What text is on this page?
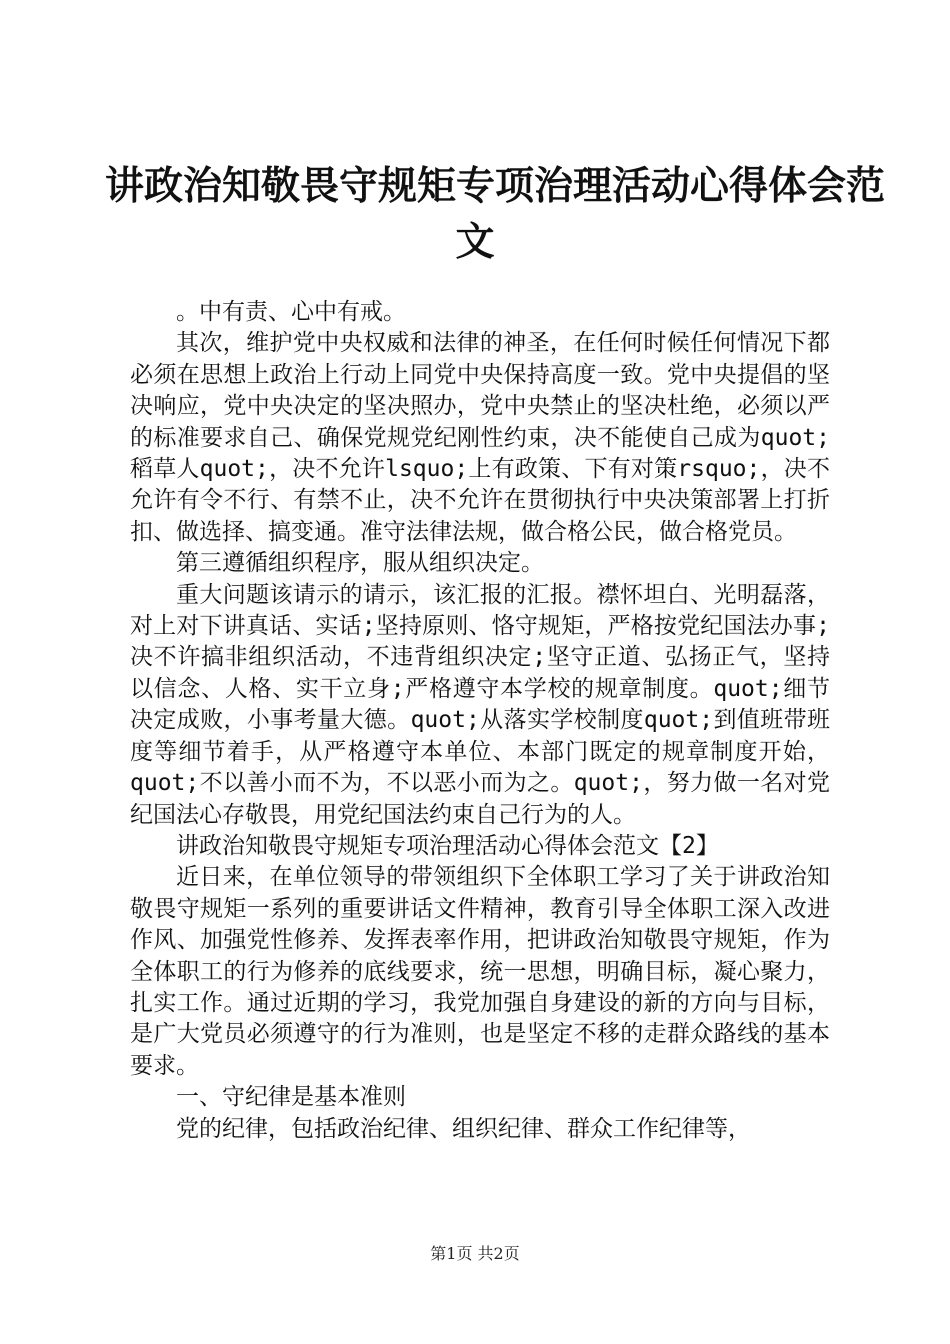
讲政治知敬畏守规矩专项治理活动心得体会范
文

。中有责、心中有戒。

其次，维护党中央权威和法律的神圣，在任何时候任何情况下都必须在思想上政治上行动上同党中央保持高度一致。党中央提倡的坚决响应，党中央决定的坚决照办，党中央禁止的坚决杜绝，必须以严的标准要求自己、确保党规党纪刚性约束，决不能使自己成为quot;稻草人quot;，决不允许lsquo;上有政策、下有对策rsquo;，决不允许有令不行、有禁不止，决不允许在贯彻执行中央决策部署上打折扣、做选择、搞变通。准守法律法规，做合格公民，做合格党员。

第三遵循组织程序，服从组织决定。

重大问题该请示的请示，该汇报的汇报。襟怀坦白、光明磊落，对上对下讲真话、实话;坚持原则、恪守规矩，严格按党纪国法办事;决不许搞非组织活动，不违背组织决定;坚守正道、弘扬正气，坚持以信念、人格、实干立身;严格遵守本学校的规章制度。quot;细节决定成败，小事考量大德。quot;从落实学校制度quot;到值班带班度等细节着手，从严格遵守本单位、本部门既定的规章制度开始，quot;不以善小而不为，不以恶小而为之。quot;，努力做一名对党纪国法心存敬畏，用党纪国法约束自己行为的人。

讲政治知敬畏守规矩专项治理活动心得体会范文【2】

近日来，在单位领导的带领组织下全体职工学习了关于讲政治知敬畏守规矩一系列的重要讲话文件精神，教育引导全体职工深入改进作风、加强党性修养、发挥表率作用，把讲政治知敬畏守规矩，作为全体职工的行为修养的底线要求，统一思想，明确目标，凝心聚力，扎实工作。通过近期的学习，我党加强自身建设的新的方向与目标，是广大党员必须遵守的行为准则，也是坚定不移的走群众路线的基本要求。

一、守纪律是基本准则

党的纪律，包括政治纪律、组织纪律、群众工作纪律等，

第1页 共2页
